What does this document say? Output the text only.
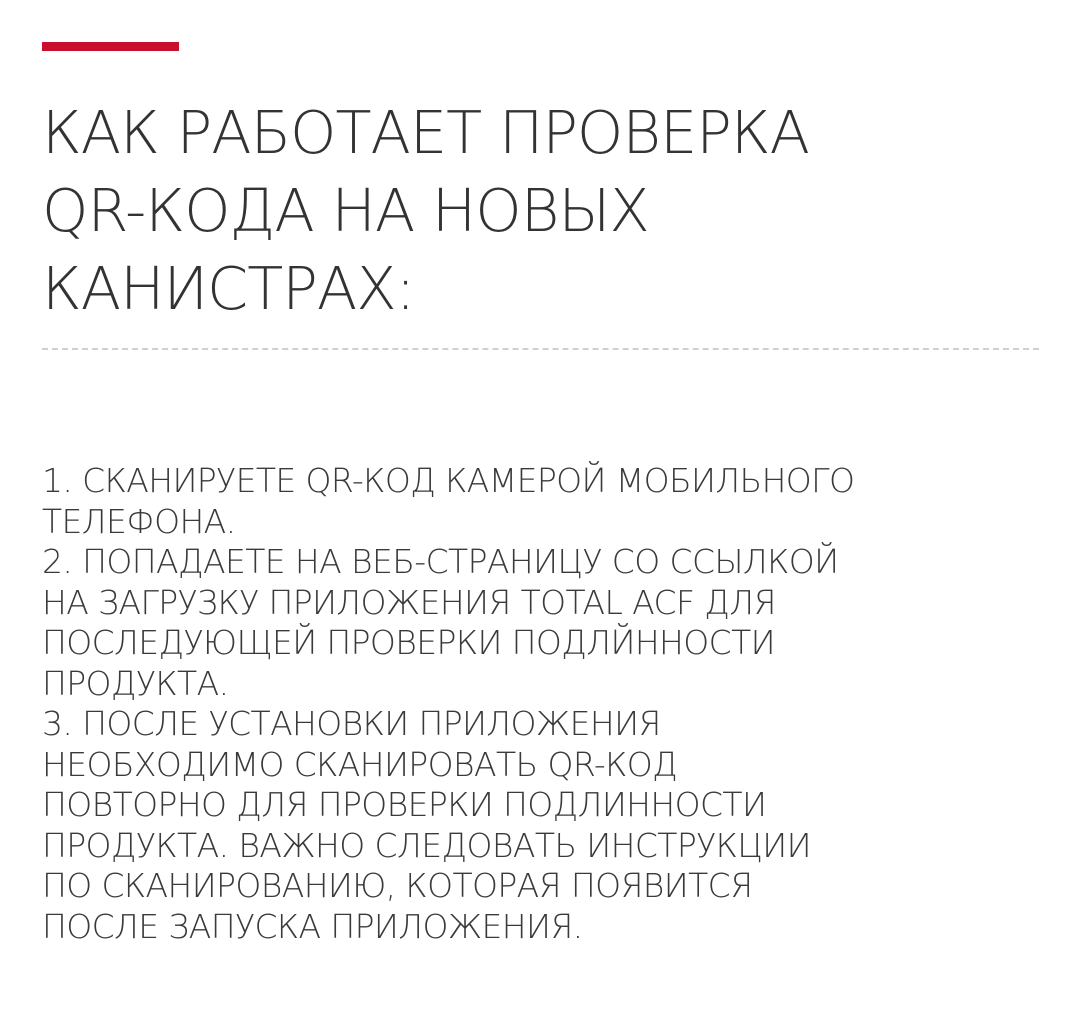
КАК РАБОТАЕТ ПРОВЕРКА
QR-КОДА НА НОВЫХ
КАНИСТРАХ:
1. СКАНИРУЕТЕ QR-КОД КАМЕРОЙ МОБИЛЬНОГО
ТЕЛЕФОНА.
2. ПОПАДАЕТЕ НА ВЕБ-СТРАНИЦУ СО ССЫЛКОЙ
НА ЗАГРУЗКУ ПРИЛОЖЕНИЯ TOTAL ACF ДЛЯ
ПОСЛЕДУЮЩЕЙ ПРОВЕРКИ ПОДЛЙННОСТИ
ПРОДУКТА.
3. ПОСЛЕ УСТАНОВКИ ПРИЛОЖЕНИЯ
НЕОБХОДИМО СКАНИРОВАТЬ QR-КОД
ПОВТОРНО ДЛЯ ПРОВЕРКИ ПОДЛИННОСТИ
ПРОДУКТА. ВАЖНО СЛЕДОВАТЬ ИНСТРУКЦИИ
ПО СКАНИРОВАНИЮ, КОТОРАЯ ПОЯВИТСЯ
ПОСЛЕ ЗАПУСКА ПРИЛОЖЕНИЯ.
